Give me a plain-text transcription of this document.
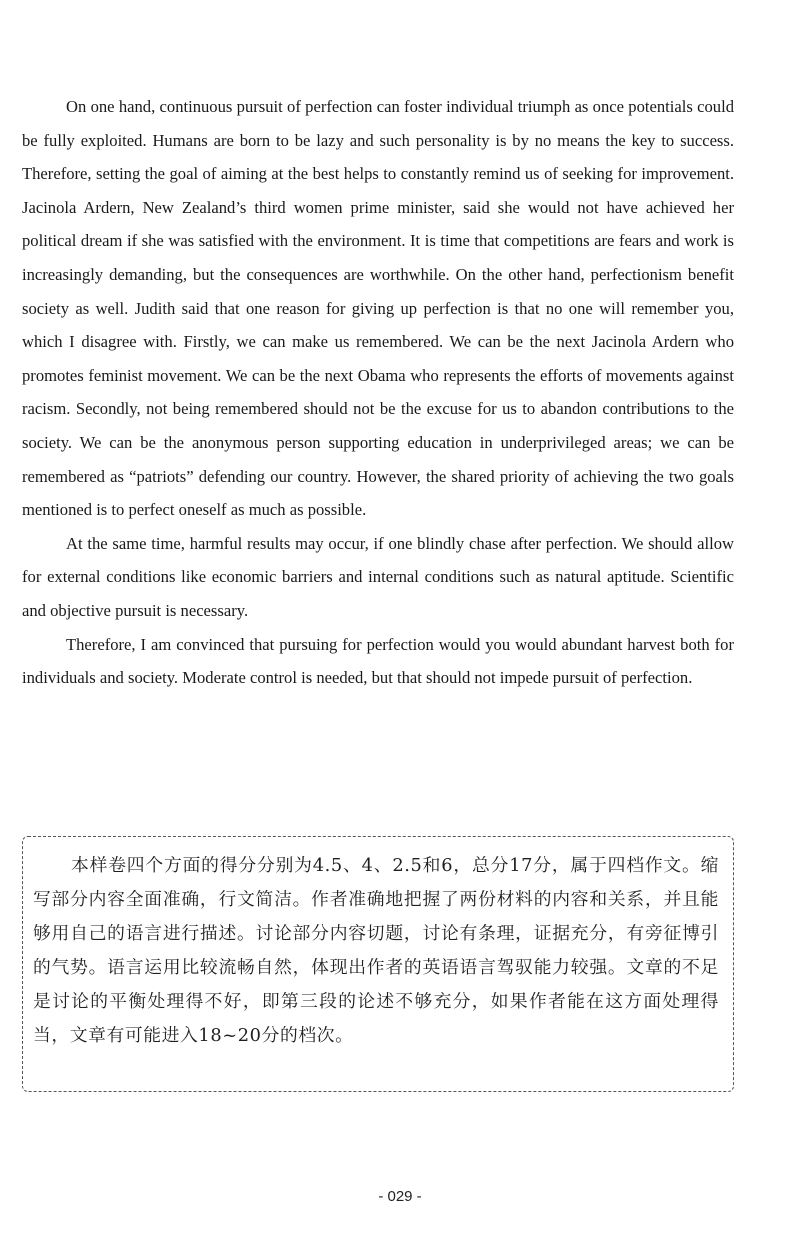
On one hand, continuous pursuit of perfection can foster individual triumph as once potentials could be fully exploited. Humans are born to be lazy and such personality is by no means the key to success. Therefore, setting the goal of aiming at the best helps to constantly remind us of seeking for improvement. Jacinola Ardern, New Zealand’s third women prime minister, said she would not have achieved her political dream if she was satisfied with the environment. It is time that competitions are fears and work is increasingly demanding, but the consequences are worthwhile. On the other hand, perfectionism benefit society as well. Judith said that one reason for giving up perfection is that no one will remember you, which I disagree with. Firstly, we can make us remembered. We can be the next Jacinola Ardern who promotes feminist movement. We can be the next Obama who represents the efforts of movements against racism. Secondly, not being remembered should not be the excuse for us to abandon contributions to the society. We can be the anonymous person supporting education in underprivileged areas; we can be remembered as “patriots” defending our country. However, the shared priority of achieving the two goals mentioned is to perfect oneself as much as possible.

At the same time, harmful results may occur, if one blindly chase after perfection. We should allow for external conditions like economic barriers and internal conditions such as natural aptitude. Scientific and objective pursuit is necessary.

Therefore, I am convinced that pursuing for perfection would you would abundant harvest both for individuals and society. Moderate control is needed, but that should not impede pursuit of perfection.

本样卷四个方面的得分分别为4.5、4、2.5和6，总分17分，属于四档作文。缩写部分内容全面准确，行文简洁。作者准确地把握了两份材料的内容和关系，并且能够用自己的语言进行描述。讨论部分内容切题，讨论有条理，证据充分，有旁征博引的气势。语言运用比较流畅自然，体现出作者的英语语言驾驭能力较强。文章的不足是讨论的平衡处理得不好，即第三段的论述不够充分，如果作者能在这方面处理得当，文章有可能进入18~20分的档次。

- 029 -
